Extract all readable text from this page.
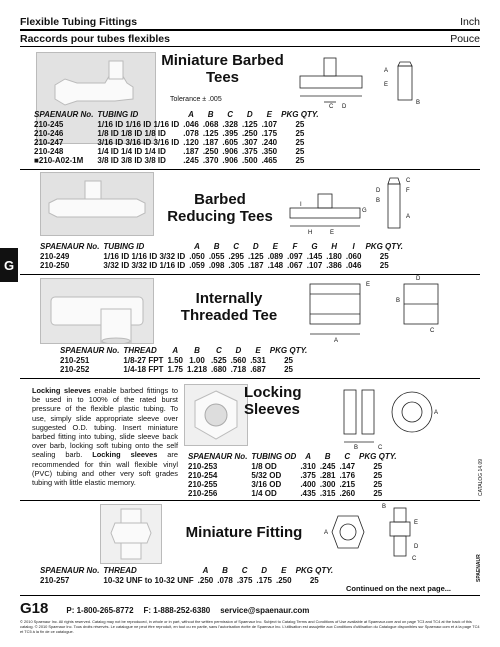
Flexible Tubing Fittings	Inch
Raccords pour tubes flexibles	Pouce
G
Miniature Barbed Tees
Tolerance ± .005
C D
A
E
B
SPAENAUR No.	TUBING ID	A	B	C	D	E	PKG QTY.
210-245	1/16 ID 1/16 ID 1/16 ID	.046	.068	.328	.125	.107	25
210-246	1/8 ID 1/8 ID 1/8 ID	.078	.125	.395	.250	.175	25
210-247	3/16 ID 3/16 ID 3/16 ID	.120	.187	.605	.307	.240	25
210-248	1/4 ID 1/4 ID 1/4 ID	.187	.250	.906	.375	.350	25
■210-A02-1M	3/8 ID 3/8 ID 3/8 ID	.245	.370	.906	.500	.465	25
Barbed Reducing Tees
I
H	E
G
D
B
C
F
A
SPAENAUR No.	TUBING ID	A	B	C	D	E	F	G	H	I	PKG QTY.
210-249	1/16 ID 1/16 ID 3/32 ID	.050	.055	.295	.125	.089	.097	.145	.180	.060	25
210-250	3/32 ID 3/32 ID 1/16 ID	.059	.098	.305	.187	.148	.067	.107	.386	.046	25
Internally Threaded Tee
E
A
B
C
D
SPAENAUR No.	THREAD	A	B	C	D	E	PKG QTY.
210-251	1/8-27 FPT	1.50	1.00	.525	.560	.531	25
210-252	1/4-18 FPT	1.75	1.218	.680	.718	.687	25
Locking sleeves enable barbed fittings to be used in to 100% of the rated burst pressure of the flexible plastic tubing. To use, simply slide appropriate sleeve over suggested O.D. tubing. Insert miniature barbed fitting into tubing, slide sleeve back over barb, locking soft tubing onto the self sealing barb. Locking sleeves are recommended for thin wall flexible vinyl (PVC) tubing and other very soft grades tubing with little elastic memory.
Locking Sleeves
B	C
A
SPAENAUR No.	TUBING OD	A	B	C	PKG QTY.
210-253	1/8 OD	.310	.245	.147	25
210-254	5/32 OD	.375	.281	.176	25
210-255	3/16 OD	.400	.300	.215	25
210-256	1/4 OD	.435	.315	.260	25
Miniature Fitting	A
B
E
D
C
SPAENAUR No.	THREAD	A	B	C	D	E	PKG QTY.
210-257	10-32 UNF to 10-32 UNF	.250	.078	.375	.175	.250	25
Continued on the next page...
CATALOG 14.09
SPAENAUR
G18 P: 1-800-265-8772 F: 1-888-252-6380 service@spaenaur.com
© 2010 Spaenaur Inc. All rights reserved. Catalog may not be reproduced, in whole or in part, without the written permission of Spaenaur Inc. Subject to Catalog Terms and Conditions of Use available at Spaenaur.com and on page TC3 and TC4 at the back of this catalog. © 2010 Spaenaur Inc. Tous droits réservés. Le catalogue ne peut être reproduit, en tout ou en partie, sans l'autorisation écrite de Spaenaur Inc. L'utilisation est assujettie aux Conditions d'utilisation du Catalogue disponibles sur Spaenaur.com et à la page TC4 et TC5 à la fin de ce catalogue.
